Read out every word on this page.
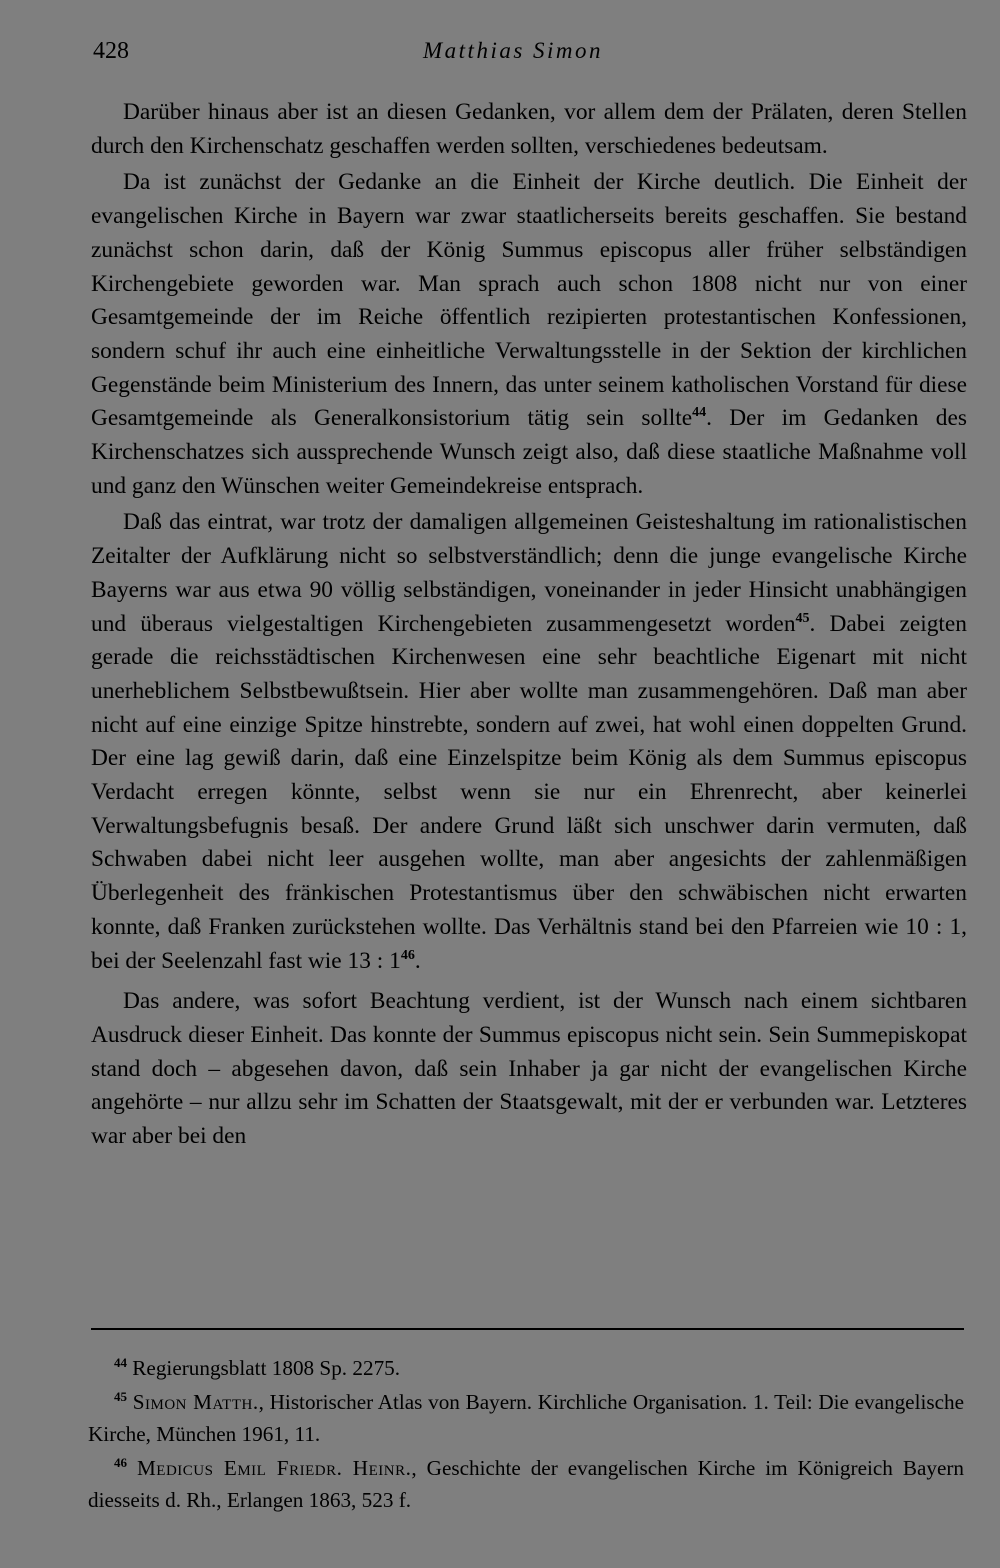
428	Matthias Simon

Darüber hinaus aber ist an diesen Gedanken, vor allem dem der Prälaten, deren Stellen durch den Kirchenschatz geschaffen werden sollten, verschiedenes bedeutsam.

Da ist zunächst der Gedanke an die Einheit der Kirche deutlich. Die Einheit der evangelischen Kirche in Bayern war zwar staatlicherseits bereits geschaffen. Sie bestand zunächst schon darin, daß der König Summus episcopus aller früher selbständigen Kirchengebiete geworden war. Man sprach auch schon 1808 nicht nur von einer Gesamtgemeinde der im Reiche öffentlich rezipierten protestantischen Konfessionen, sondern schuf ihr auch eine einheitliche Verwaltungsstelle in der Sektion der kirchlichen Gegenstände beim Ministerium des Innern, das unter seinem katholischen Vorstand für diese Gesamtgemeinde als Generalkonsistorium tätig sein sollte$^{44}$. Der im Gedanken des Kirchenschatzes sich aussprechende Wunsch zeigt also, daß diese staatliche Maßnahme voll und ganz den Wünschen weiter Gemeindekreise entsprach.

Daß das eintrat, war trotz der damaligen allgemeinen Geisteshaltung im rationalistischen Zeitalter der Aufklärung nicht so selbstverständlich; denn die junge evangelische Kirche Bayerns war aus etwa 90 völlig selbständigen, voneinander in jeder Hinsicht unabhängigen und überaus vielgestaltigen Kirchengebieten zusammengesetzt worden$^{45}$. Dabei zeigten gerade die reichsstädtischen Kirchenwesen eine sehr beachtliche Eigenart mit nicht unerheblichem Selbstbewußtsein. Hier aber wollte man zusammengehören. Daß man aber nicht auf eine einzige Spitze hinstrebte, sondern auf zwei, hat wohl einen doppelten Grund. Der eine lag gewiß darin, daß eine Einzelspitze beim König als dem Summus episcopus Verdacht erregen könnte, selbst wenn sie nur ein Ehrenrecht, aber keinerlei Verwaltungsbefugnis besaß. Der andere Grund läßt sich unschwer darin vermuten, daß Schwaben dabei nicht leer ausgehen wollte, man aber angesichts der zahlenmäßigen Überlegenheit des fränkischen Protestantismus über den schwäbischen nicht erwarten konnte, daß Franken zurückstehen wollte. Das Verhältnis stand bei den Pfarreien wie 10 : 1, bei der Seelenzahl fast wie 13 : 1$^{46}$.

Das andere, was sofort Beachtung verdient, ist der Wunsch nach einem sichtbaren Ausdruck dieser Einheit. Das konnte der Summus episcopus nicht sein. Sein Summepiskopat stand doch – abgesehen davon, daß sein Inhaber ja gar nicht der evangelischen Kirche angehörte – nur allzu sehr im Schatten der Staatsgewalt, mit der er verbunden war. Letzteres war aber bei den

$^{44}$ Regierungsblatt 1808 Sp. 2275.

$^{45}$ Simon Matth., Historischer Atlas von Bayern. Kirchliche Organisation. 1. Teil: Die evangelische Kirche, München 1961, 11.

$^{46}$ Medicus Emil Friedr. Heinr., Geschichte der evangelischen Kirche im Königreich Bayern diesseits d. Rh., Erlangen 1863, 523 f.
